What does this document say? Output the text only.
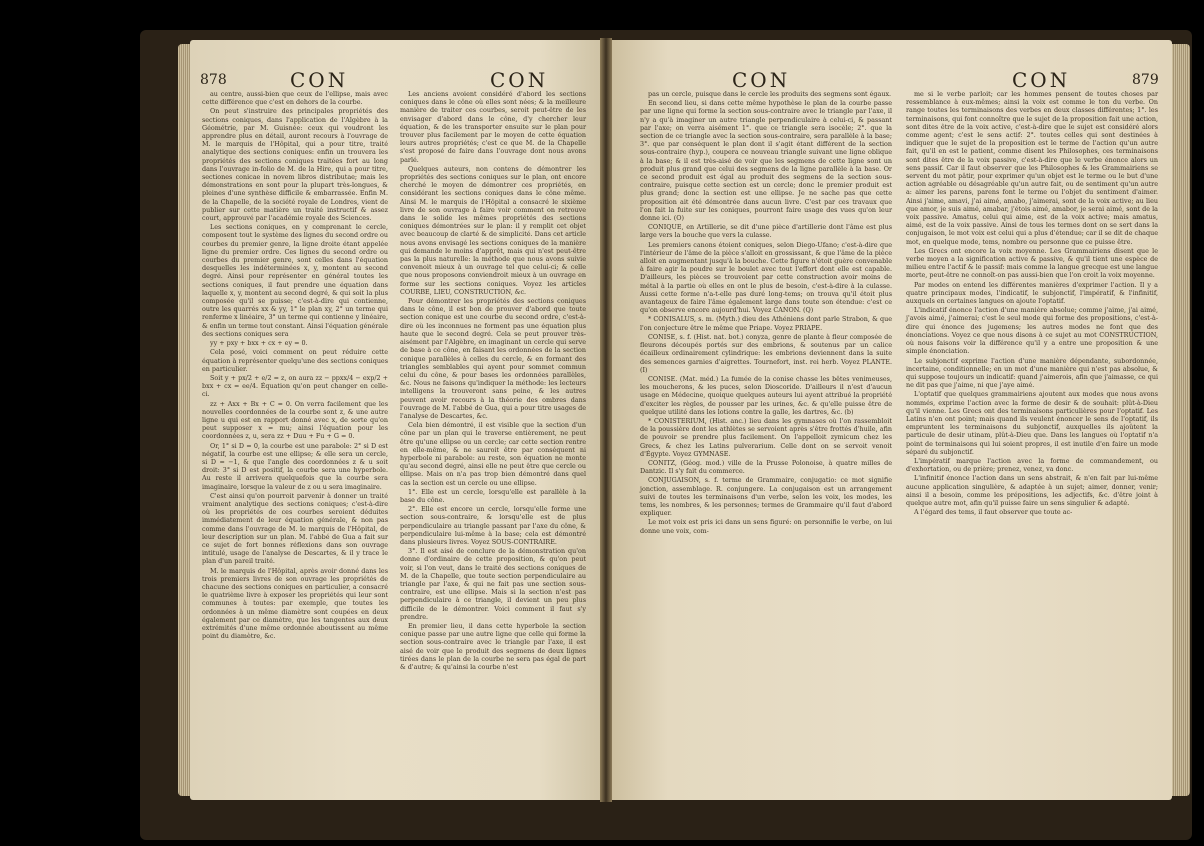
878	CON	CON

au centre, aussi-bien que ceux de l'ellipse, mais avec cette différence que c'est en dehors de la courbe.

On peut s'instruire des principales propriétés des sections coniques, dans l'application de l'Algèbre à la Géométrie, par M. Guisnée: ceux qui voudront les apprendre plus en détail, auront recours à l'ouvrage de M. le marquis de l'Hôpital, qui a pour titre, traité analytique des sections coniques: enfin un trouvera les propriétés des sections coniques traitées fort au long dans l'ouvrage in-folio de M. de la Hire, qui a pour titre, sectiones conicae in novem libros distributae; mais les démonstrations en sont pour la plupart très-longues, & pleines d'une synthèse difficile & embarrassée. Enfin M. de la Chapelle, de la société royale de Londres, vient de publier sur cette matière un traité instructif & assez court, approuvé par l'académie royale des Sciences.

Les sections coniques, en y comprenant le cercle, composent tout le système des lignes du second ordre ou courbes du premier genre, la ligne droite étant appelée ligne du premier ordre. Ces lignes du second ordre ou courbes du premier genre, sont celles dans l'équation desquelles les indéterminées x, y, montent au second degré. Ainsi pour représenter en général toutes les sections coniques, il faut prendre une équation dans laquelle x, y, montent au second degré, & qui soit la plus composée qu'il se puisse; c'est-à-dire qui contienne, outre les quarrés xx & yy, 1° le plan xy, 2° un terme qui renferme x linéaire, 3° un terme qui contienne y linéaire, & enfin un terme tout constant. Ainsi l'équation générale des sections coniques sera

yy + pxy + bxx + cx + ey = 0.

Cela posé, voici comment on peut réduire cette équation à représenter quelqu'une des sections coniques en particulier.

Soit y + px/2 + e/2 = z, on aura zz − ppxx/4 − exp/2 + bxx + cx = ee/4. Équation qu'on peut changer en celle-ci.

zz + Axx + Bx + C = 0. On verra facilement que les nouvelles coordonnées de la courbe sont z, & une autre ligne u qui est en rapport donné avec x, de sorte qu'on peut supposer x = mu; ainsi l'équation pour les coordonnées z, u, sera zz + Duu + Fu + G = 0.

Or, 1° si D = 0, la courbe est une parabole: 2° si D est négatif, la courbe est une ellipse; & elle sera un cercle, si D = −1, & que l'angle des coordonnées z & u soit droit: 3° si D est positif, la courbe sera une hyperbole. Au reste il arrivera quelquefois que la courbe sera imaginaire, lorsque la valeur de z ou u sera imaginaire.

C'est ainsi qu'on pourroit parvenir à donner un traité vraiment analytique des sections coniques; c'est-à-dire où les propriétés de ces courbes seroient déduites immédiatement de leur équation générale, & non pas comme dans l'ouvrage de M. le marquis de l'Hôpital, de leur description sur un plan. M. l'abbé de Gua a fait sur ce sujet de fort bonnes réflexions dans son ouvrage intitulé, usage de l'analyse de Descartes, & il y trace le plan d'un pareil traité.

M. le marquis de l'Hôpital, après avoir donné dans les trois premiers livres de son ouvrage les propriétés de chacune des sections coniques en particulier, a consacré le quatrième livre à exposer les propriétés qui leur sont communes à toutes: par exemple, que toutes les ordonnées à un même diamètre sont coupées en deux également par ce diamètre, que les tangentes aux deux extrémités d'une même ordonnée aboutissent au même point du diamètre, &c.

Les anciens avoient considéré d'abord les sections coniques dans le cône où elles sont nées; & la meilleure manière de traiter ces courbes, seroit peut-être de les envisager d'abord dans le cône, d'y chercher leur équation, & de les transporter ensuite sur le plan pour trouver plus facilement par le moyen de cette équation leurs autres propriétés; c'est ce que M. de la Chapelle s'est proposé de faire dans l'ouvrage dont nous avons parlé.

Quelques auteurs, non contens de démontrer les propriétés des sections coniques sur le plan, ont encore cherché le moyen de démontrer ces propriétés, en considérant les sections coniques dans le cône même. Ainsi M. le marquis de l'Hôpital a consacré le sixième livre de son ouvrage à faire voir comment on retrouve dans le solide les mêmes propriétés des sections coniques démontrées sur le plan: il y remplit cet objet avec beaucoup de clarté & de simplicité. Dans cet article nous avons envisagé les sections coniques de la manière qui demande le moins d'apprêt, mais qui n'est peut-être pas la plus naturelle: la méthode que nous avons suivie convenoit mieux à un ouvrage tel que celui-ci; & celle que nous proposons conviendroit mieux à un ouvrage en forme sur les sections coniques. Voyez les articles COURBE, LIEU, CONSTRUCTION, &c.

Pour démontrer les propriétés des sections coniques dans le cône, il est bon de prouver d'abord que toute section conique est une courbe du second ordre, c'est-à-dire où les inconnues ne forment pas une équation plus haute que le second degré. Cela se peut prouver très-aisément par l'Algèbre, en imaginant un cercle qui serve de base à ce cône, en faisant les ordonnées de la section conique parallèles à celles du cercle, & en formant des triangles semblables qui ayent pour sommet commun celui du cône, & pour bases les ordonnées parallèles, &c. Nous ne faisons qu'indiquer la méthode: les lecteurs intelligens la trouveront sans peine, & les autres peuvent avoir recours à la théorie des ombres dans l'ouvrage de M. l'abbé de Gua, qui a pour titre usages de l'analyse de Descartes, &c.

Cela bien démontré, il est visible que la section d'un cône par un plan qui le traverse entièrement, ne peut être qu'une ellipse ou un cercle; car cette section rentre en elle-même, & ne sauroit être par conséquent ni hyperbole ni parabole: au reste, son équation ne monte qu'au second degré, ainsi elle ne peut être que cercle ou ellipse. Mais on n'a pas trop bien démontré dans quel cas la section est un cercle ou une ellipse.

1°. Elle est un cercle, lorsqu'elle est parallèle à la base du cône.

2°. Elle est encore un cercle, lorsqu'elle forme une section sous-contraire, & lorsqu'elle est de plus perpendiculaire au triangle passant par l'axe du cône, & perpendiculaire lui-même à la base; cela est démontré dans plusieurs livres. Voyez SOUS-CONTRAIRE.

3°. Il est aisé de conclure de la démonstration qu'on donne d'ordinaire de cette proposition, & qu'on peut voir, si l'on veut, dans le traité des sections coniques de M. de la Chapelle, que toute section perpendiculaire au triangle par l'axe, & qui ne fait pas une section sous-contraire, est une ellipse. Mais si la section n'est pas perpendiculaire à ce triangle, il devient un peu plus difficile de le démontrer. Voici comment il faut s'y prendre.

En premier lieu, il dans cette hyperbole la section conique passe par une autre ligne que celle qui forme la section sous-contraire avec le triangle par l'axe, il est aisé de voir que le produit des segmens de deux lignes tirées dans le plan de la courbe ne sera pas égal de part & d'autre; & qu'ainsi la courbe n'est

CON	CON	879

pas un cercle, puisque dans le cercle les produits des segmens sont égaux.

En second lieu, si dans cette même hypothèse le plan de la courbe passe par une ligne qui forme la section sous-contraire avec le triangle par l'axe, il n'y a qu'à imaginer un autre triangle perpendiculaire à celui-ci, & passant par l'axe; on verra aisément 1°. que ce triangle sera isocèle; 2°. que la section de ce triangle avec la section sous-contraire, sera parallèle à la base; 3°. que par conséquent le plan dont il s'agit étant différent de la section sous-contraire (hyp.), coupera ce nouveau triangle suivant une ligne oblique à la base; & il est très-aisé de voir que les segmens de cette ligne sont un produit plus grand que celui des segmens de la ligne parallèle à la base. Or ce second produit est égal au produit des segmens de la section sous-contraire, puisque cette section est un cercle; donc le premier produit est plus grand; donc la section est une ellipse. Je ne sache pas que cette proposition ait été démontrée dans aucun livre. C'est par ces travaux que l'on fait la fuite sur les coniques, pourront faire usage des vues qu'on leur donne ici. (O)

CONIQUE, en Artillerie, se dit d'une pièce d'artillerie dont l'âme est plus large vers la bouche que vers la culasse.

Les premiers canons étoient coniques, selon Diego-Ufano; c'est-à-dire que l'intérieur de l'âme de la pièce s'alloit en grossissant, & que l'âme de la pièce alloit en augmentant jusqu'à la bouche. Cette figure n'étoit guère convenable à faire agir la poudre sur le boulet avec tout l'effort dont elle est capable. D'ailleurs, les pièces se trouvoient par cette construction avoir moins de métal à la partie où elles en ont le plus de besoin, c'est-à-dire à la culasse. Aussi cette forme n'a-t-elle pas duré long-tems; on trouva qu'il étoit plus avantageux de faire l'âme également large dans toute son étendue: c'est ce qu'on observe encore aujourd'hui. Voyez CANON. (Q)

* CONISALUS, s. m. (Myth.) dieu des Athéniens dont parle Strabon, & que l'on conjecture être le même que Priape. Voyez PRIAPE.

CONISE, s. f. (Hist. nat. bot.) conyza, genre de plante à fleur composée de fleurons découpés portés sur des embrions, & soutenus par un calice écailleux ordinairement cylindrique: les embrions deviennent dans la suite des semences garnies d'aigrettes. Tournefort, inst. rei herb. Voyez PLANTE. (I)

CONISE. (Mat. méd.) La fumée de la conise chasse les bêtes venimeuses, les moucherons, & les puces, selon Dioscoride. D'ailleurs il n'est d'aucun usage en Médecine, quoique quelques auteurs lui ayent attribué la propriété d'exciter les règles, de pousser par les urines, &c. & qu'elle puisse être de quelque utilité dans les lotions contre la galle, les dartres, &c. (b)

* CONISTERIUM, (Hist. anc.) lieu dans les gymnases où l'on rassembloit de la poussière dont les athlètes se servoient après s'être frottés d'huile, afin de pouvoir se prendre plus facilement. On l'appelloit zymicum chez les Grecs, & chez les Latins pulverarium. Celle dont on se servoit venoit d'Égypte. Voyez GYMNASE.

CONITZ, (Géog. mod.) ville de la Prusse Polonoise, à quatre milles de Dantzic. Il s'y fait du commerce.

CONJUGAISON, s. f. terme de Grammaire, conjugatio: ce mot signifie jonction, assemblage. R. conjungere. La conjugaison est un arrangement suivi de toutes les terminaisons d'un verbe, selon les voix, les modes, les tems, les nombres, & les personnes; termes de Grammaire qu'il faut d'abord expliquer.

Le mot voix est pris ici dans un sens figuré: on personnifie le verbe, on lui donne une voix, com-

me si le verbe parloit; car les hommes pensent de toutes choses par ressemblance à eux-mêmes; ainsi la voix est comme le ton du verbe. On range toutes les terminaisons des verbes en deux classes différentes; 1°. les terminaisons, qui font connoître que le sujet de la proposition fait une action, sont dites être de la voix active, c'est-à-dire que le sujet est considéré alors comme agent; c'est le sens actif: 2°. toutes celles qui sont destinées à indiquer que le sujet de la proposition est le terme de l'action qu'un autre fait, qu'il en est le patient, comme disent les Philosophes, ces terminaisons sont dites être de la voix passive, c'est-à-dire que le verbe énonce alors un sens passif. Car il faut observer que les Philosophes & les Grammairiens se servent du mot pâtir, pour exprimer qu'un objet est le terme ou le but d'une action agréable ou désagréable qu'un autre fait, ou de sentiment qu'un autre a: aimer les parens, parens font le terme ou l'objet du sentiment d'aimer. Ainsi j'aime, amavi, j'ai aimé, amabo, j'aimerai, sont de la voix active; au lieu que amor, je suis aimé, amabar, j'étois aimé, amabor, je serai aimé, sont de la voix passive. Amatus, celui qui aime, est de la voix active; mais amatus, aimé, est de la voix passive. Ainsi de tous les termes dont on se sert dans la conjugaison, le mot voix est celui qui a plus d'étendue; car il se dit de chaque mot, en quelque mode, tems, nombre ou personne que ce puisse être.

Les Grecs ont encore la voix moyenne. Les Grammairiens disent que le verbe moyen a la signification active & passive, & qu'il tient une espèce de milieu entre l'actif & le passif: mais comme la langue grecque est une langue morte, peut-être ne connoît-on pas aussi-bien que l'on croit la voix moyenne.

Par modes on entend les différentes manières d'exprimer l'action. Il y a quatre principaux modes, l'indicatif, le subjonctif, l'impératif, & l'infinitif, auxquels en certaines langues on ajoute l'optatif.

L'indicatif énonce l'action d'une manière absolue; comme j'aime, j'ai aimé, j'avois aimé, j'aimerai; c'est le seul mode qui forme des propositions, c'est-à-dire qui énonce des jugemens; les autres modes ne font que des énonciations. Voyez ce que nous disons à ce sujet au mot CONSTRUCTION, où nous faisons voir la différence qu'il y a entre une proposition & une simple énonciation.

Le subjonctif exprime l'action d'une manière dépendante, subordonnée, incertaine, conditionnelle; en un mot d'une manière qui n'est pas absolue, & qui suppose toujours un indicatif: quand j'aimerois, afin que j'aimasse, ce qui ne dit pas que j'aime, ni que j'aye aimé.

L'optatif que quelques grammairiens ajoutent aux modes que nous avons nommés, exprime l'action avec la forme de desir & de souhait: plût-à-Dieu qu'il vienne. Les Grecs ont des terminaisons particulières pour l'optatif. Les Latins n'en ont point; mais quand ils veulent énoncer le sens de l'optatif, ils empruntent les terminaisons du subjonctif, auxquelles ils ajoûtent la particule de desir utinam, plût-à-Dieu que. Dans les langues où l'optatif n'a point de terminaisons qui lui soient propres, il est inutile d'en faire un mode séparé du subjonctif.

L'impératif marque l'action avec la forme de commandement, ou d'exhortation, ou de prière; prenez, venez, va donc.

L'infinitif énonce l'action dans un sens abstrait, & n'en fait par lui-même aucune application singulière, & adaptée à un sujet; aimer, donner, venir; ainsi il a besoin, comme les prépositions, les adjectifs, &c. d'être joint à quelque autre mot, afin qu'il puisse faire un sens singulier & adapté.

A l'égard des tems, il faut observer que toute ac-
